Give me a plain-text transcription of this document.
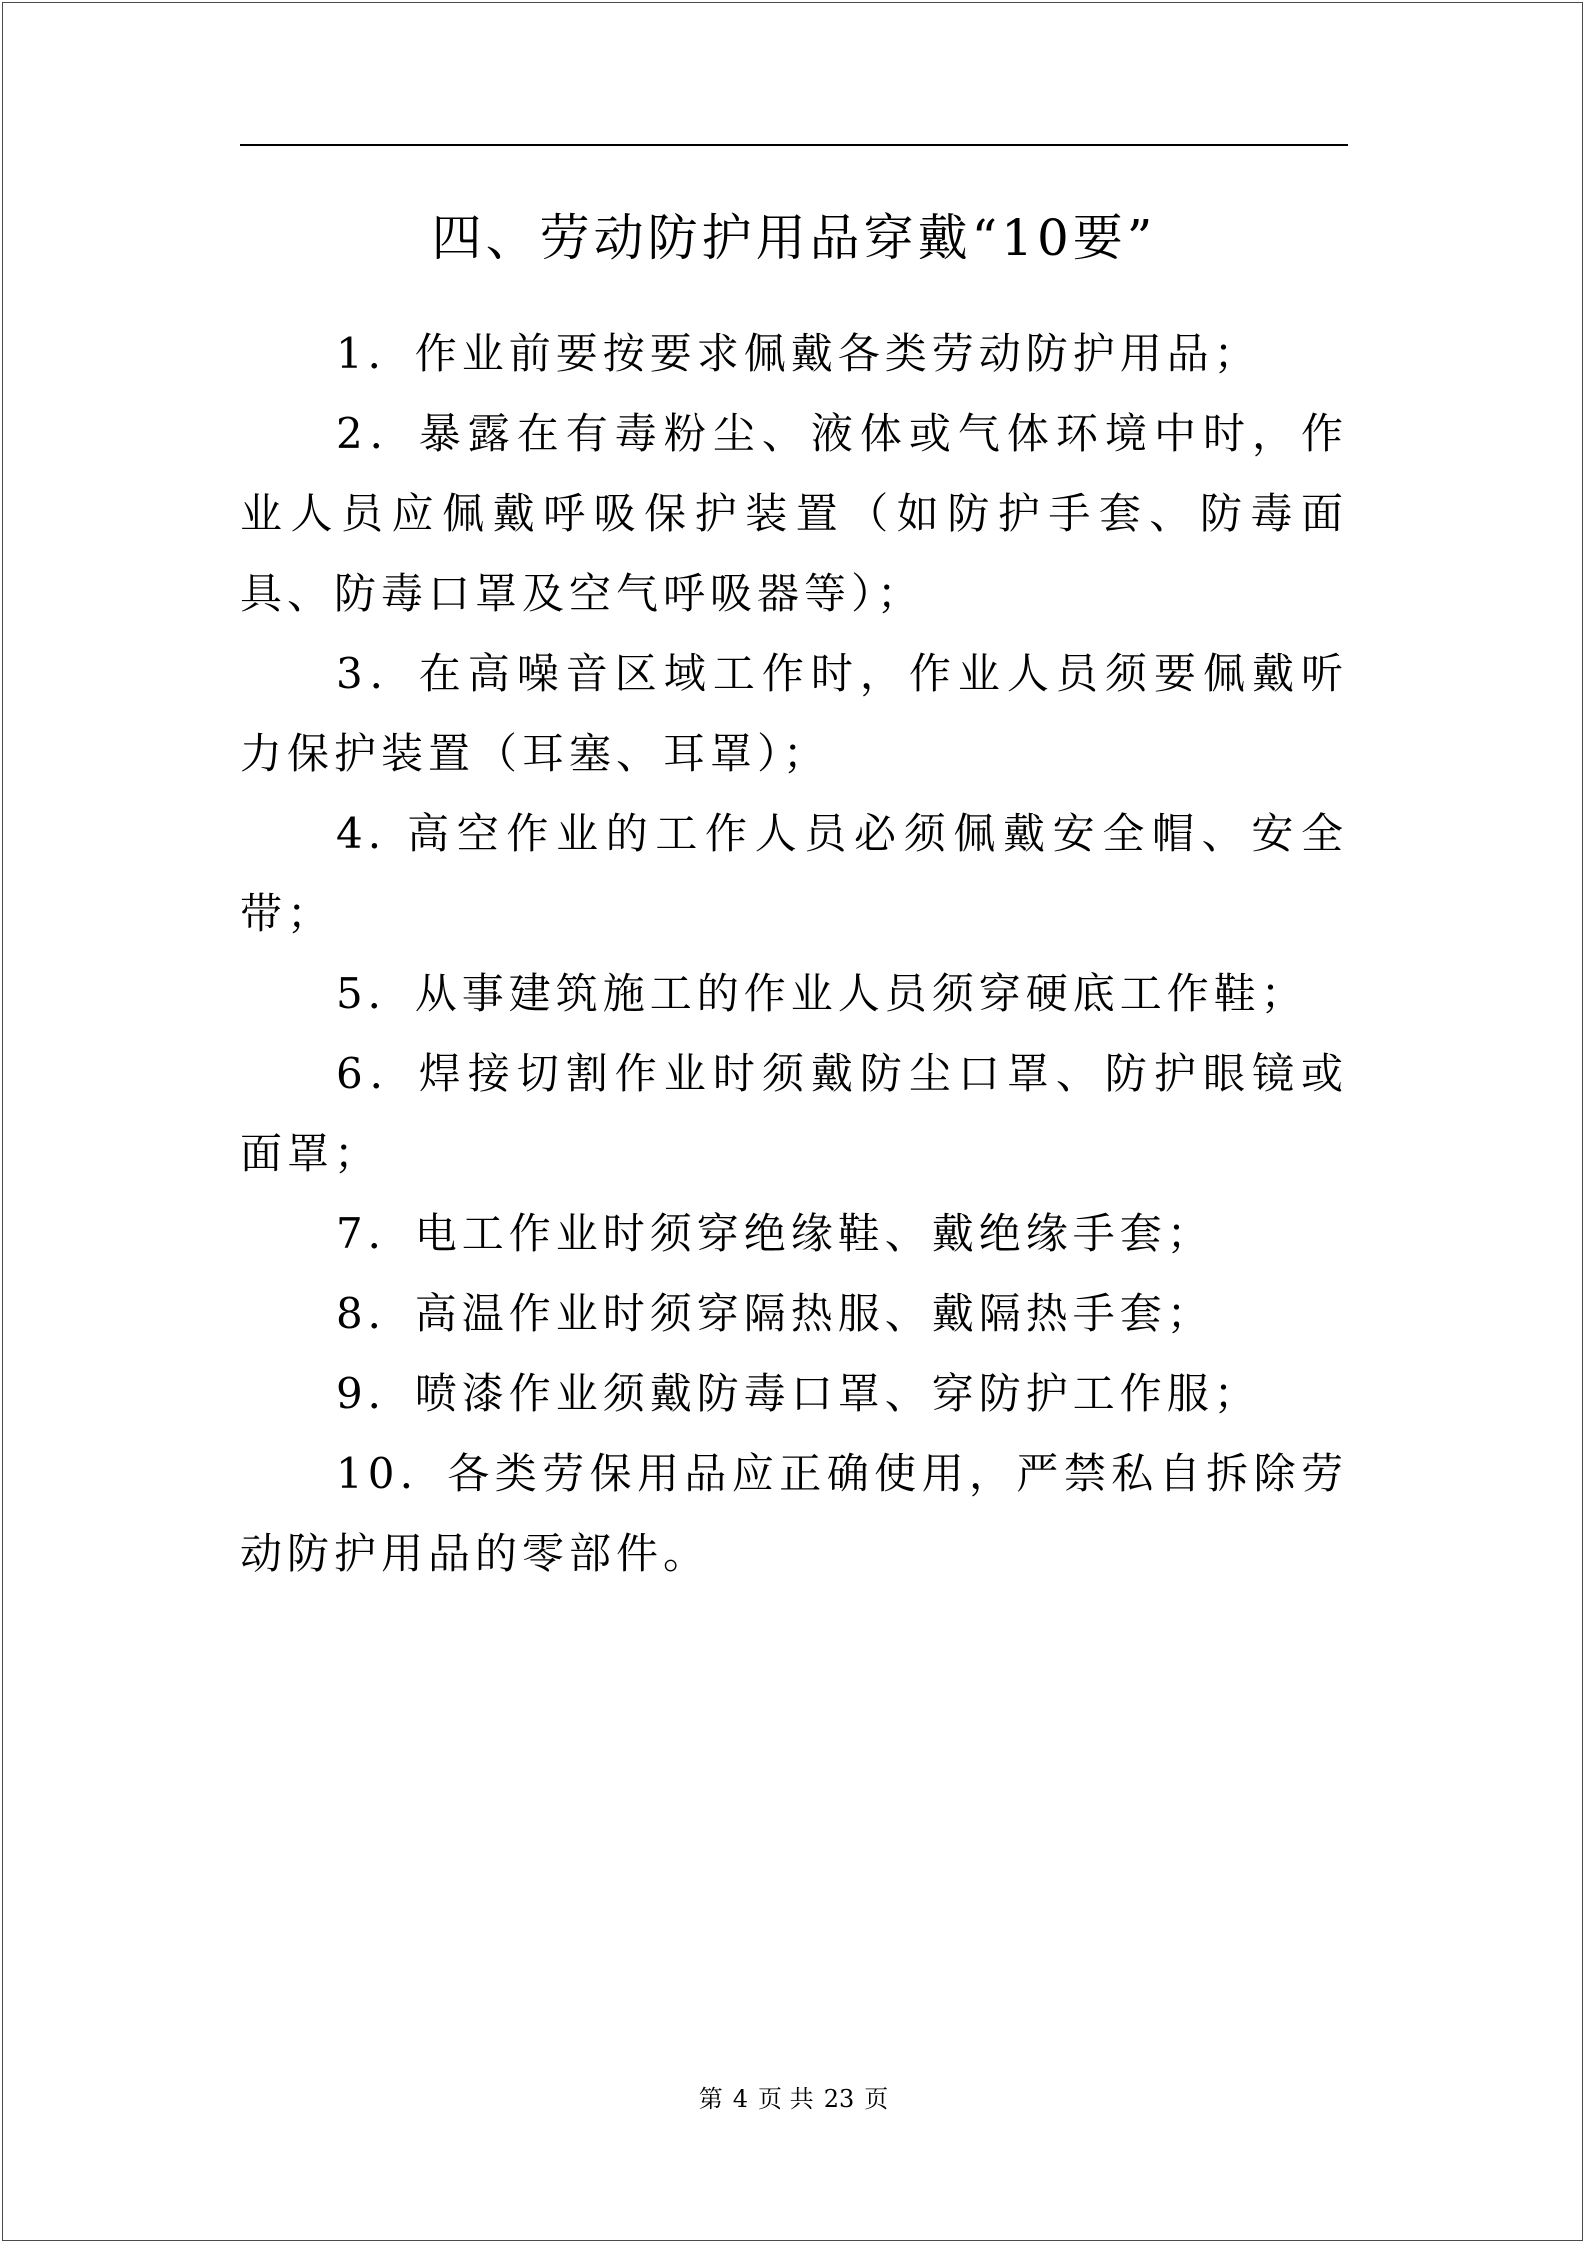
四、劳动防护用品穿戴“10要”

1．作业前要按要求佩戴各类劳动防护用品；

2．暴露在有毒粉尘、液体或气体环境中时，作业人员应佩戴呼吸保护装置（如防护手套、防毒面具、防毒口罩及空气呼吸器等）；

3．在高噪音区域工作时，作业人员须要佩戴听力保护装置（耳塞、耳罩）；

4. 高空作业的工作人员必须佩戴安全帽、安全带；

5．从事建筑施工的作业人员须穿硬底工作鞋；

6．焊接切割作业时须戴防尘口罩、防护眼镜或面罩；

7．电工作业时须穿绝缘鞋、戴绝缘手套；

8．高温作业时须穿隔热服、戴隔热手套；

9．喷漆作业须戴防毒口罩、穿防护工作服；

10．各类劳保用品应正确使用，严禁私自拆除劳动防护用品的零部件。

第 4 页 共 23 页
